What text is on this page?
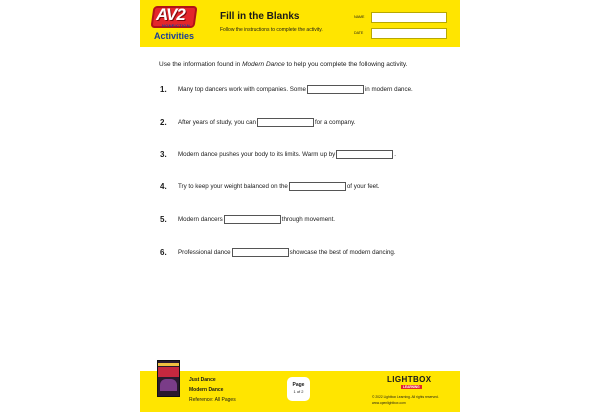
AV2
NONFICTION
Activities
Fill in the Blanks
Follow the instructions to complete the activity.
NAME
DATE
Use the information found in Modern Dance to help you complete the following activity.
1.	Many top dancers work with companies. Some	in modern dance.
2.	After years of study, you can	for a company.
3.	Modern dance pushes your body to its limits. Warm up by	.
4.	Try to keep your weight balanced on the	of your feet.
5.	Modern dancers	through movement.
6.	Professional dance	showcase the best of modern dancing.
Just Dance
Modern Dance
Reference: All Pages
Page
1 of 2
LIGHTBOX
LEARNING
© 2022 Lightbox Learning. All rights reserved.
www.openlightbox.com
